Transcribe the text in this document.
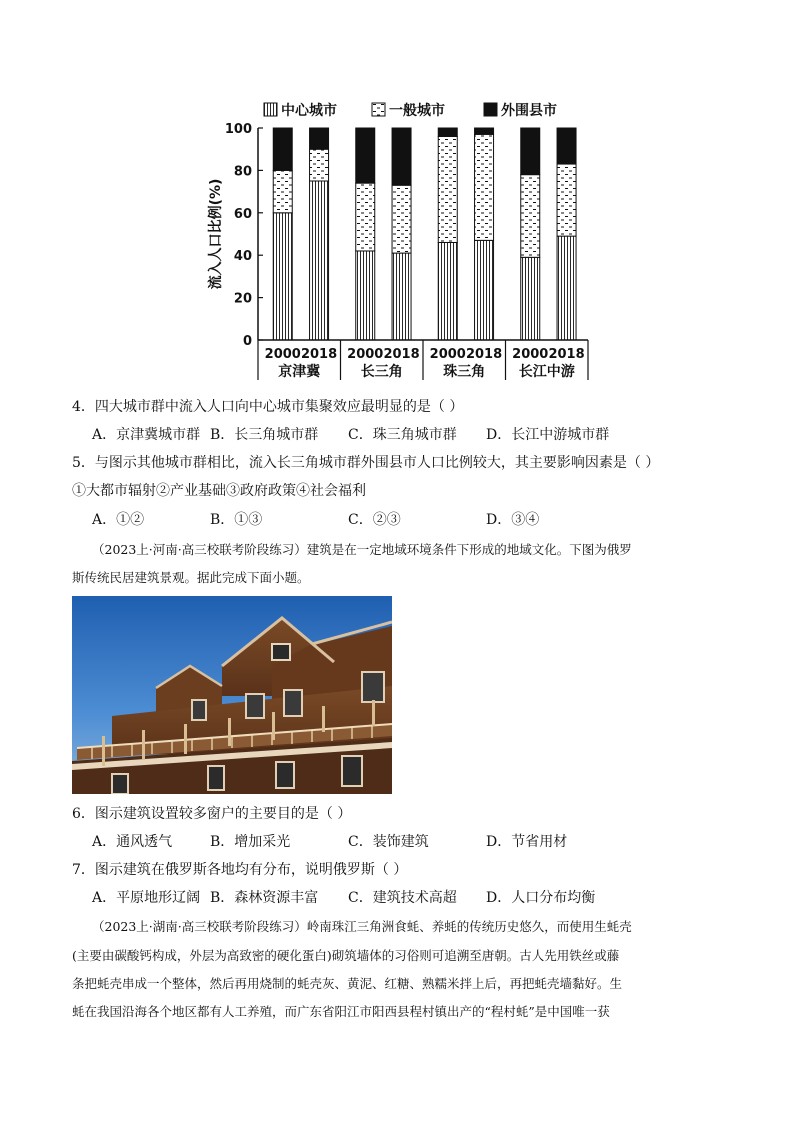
中心城市	一般城市	外围县市
0
20
40
60
80
100
流入人口比例(%)
2000 2018 2000 2018 2000 2018 2000 2018
京津冀	长三角	珠三角 长江中游
4．四大城市群中流入人口向中心城市集聚效应最明显的是（ ）
A．京津冀城市群 B．长三角城市群 C．珠三角城市群 D．长江中游城市群
5．与图示其他城市群相比，流入长三角城市群外围县市人口比例较大，其主要影响因素是（ ）
①大都市辐射②产业基础③政府政策④社会福利
A．①②	B．①③	C．②③	D．③④
（2023上·河南·高三校联考阶段练习）建筑是在一定地域环境条件下形成的地域文化。下图为俄罗
斯传统民居建筑景观。据此完成下面小题。
6．图示建筑设置较多窗户的主要目的是（ ）
A．通风透气	B．增加采光	C．装饰建筑	D．节省用材
7．图示建筑在俄罗斯各地均有分布，说明俄罗斯（ ）
A．平原地形辽阔 B．森林资源丰富 C．建筑技术高超 D．人口分布均衡
（2023上·湖南·高三校联考阶段练习）岭南珠江三角洲食蚝、养蚝的传统历史悠久，而使用生蚝壳
(主要由碳酸钙构成，外层为高致密的硬化蛋白)砌筑墙体的习俗则可追溯至唐朝。古人先用铁丝或藤
条把蚝壳串成一个整体，然后再用烧制的蚝壳灰、黄泥、红糖、熟糯米拌上后，再把蚝壳墙黏好。生
蚝在我国沿海各个地区都有人工养殖，而广东省阳江市阳西县程村镇出产的“程村蚝”是中国唯一获
